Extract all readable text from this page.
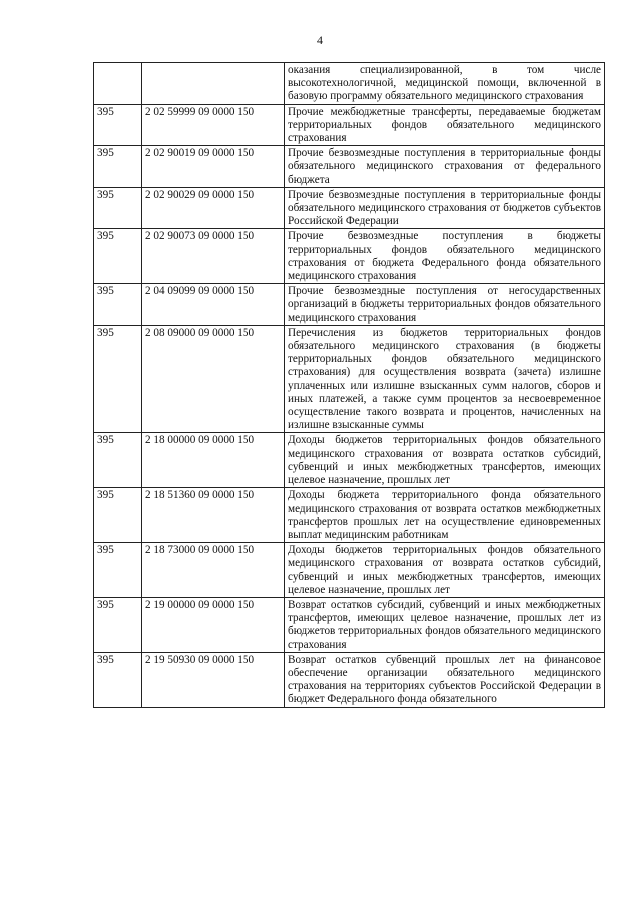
4
		оказания специализированной, в том числе высокотехнологичной, медицинской помощи, включенной в базовую программу обязательного медицинского страхования
395	2 02 59999 09 0000 150	Прочие межбюджетные трансферты, передаваемые бюджетам территориальных фондов обязательного медицинского страхования
395	2 02 90019 09 0000 150	Прочие безвозмездные поступления в территориальные фонды обязательного медицинского страхования от федерального бюджета
395	2 02 90029 09 0000 150	Прочие безвозмездные поступления в территориальные фонды обязательного медицинского страхования от бюджетов субъектов Российской Федерации
395	2 02 90073 09 0000 150	Прочие безвозмездные поступления в бюджеты территориальных фондов обязательного медицинского страхования от бюджета Федерального фонда обязательного медицинского страхования
395	2 04 09099 09 0000 150	Прочие безвозмездные поступления от негосударственных организаций в бюджеты территориальных фондов обязательного медицинского страхования
395	2 08 09000 09 0000 150	Перечисления из бюджетов территориальных фондов обязательного медицинского страхования (в бюджеты территориальных фондов обязательного медицинского страхования) для осуществления возврата (зачета) излишне уплаченных или излишне взысканных сумм налогов, сборов и иных платежей, а также сумм процентов за несвоевременное осуществление такого возврата и процентов, начисленных на излишне взысканные суммы
395	2 18 00000 09 0000 150	Доходы бюджетов территориальных фондов обязательного медицинского страхования от возврата остатков субсидий, субвенций и иных межбюджетных трансфертов, имеющих целевое назначение, прошлых лет
395	2 18 51360 09 0000 150	Доходы бюджета территориального фонда обязательного медицинского страхования от возврата остатков межбюджетных трансфертов прошлых лет на осуществление единовременных выплат медицинским работникам
395	2 18 73000 09 0000 150	Доходы бюджетов территориальных фондов обязательного медицинского страхования от возврата остатков субсидий, субвенций и иных межбюджетных трансфертов, имеющих целевое назначение, прошлых лет
395	2 19 00000 09 0000 150	Возврат остатков субсидий, субвенций и иных межбюджетных трансфертов, имеющих целевое назначение, прошлых лет из бюджетов территориальных фондов обязательного медицинского страхования
395	2 19 50930 09 0000 150	Возврат остатков субвенций прошлых лет на финансовое обеспечение организации обязательного медицинского страхования на территориях субъектов Российской Федерации в бюджет Федерального фонда обязательного
